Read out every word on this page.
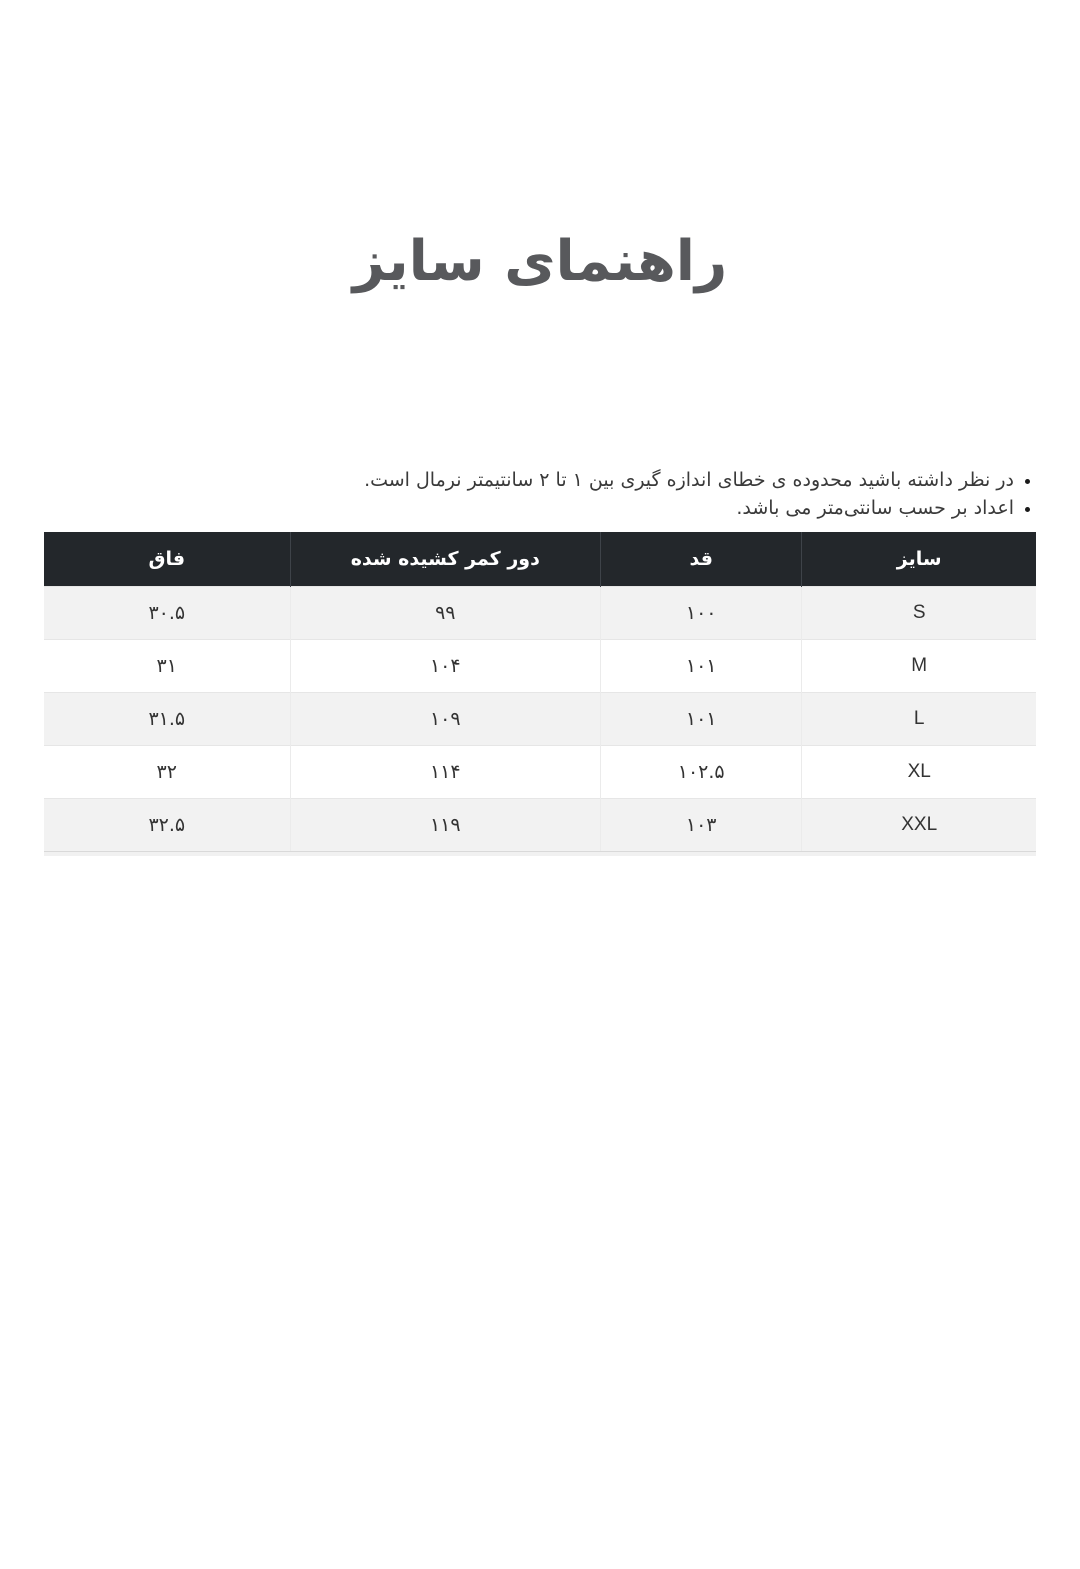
راهنمای سایز
• در نظر داشته باشید محدوده ی خطای اندازه گیری بین ۱ تا ۲ سانتیمتر نرمال است.
• اعداد بر حسب سانتی‌متر می باشد.
سایز	قد	دور کمر کشیده شده	فاق
S	۱۰۰	۹۹	۳۰.۵
M	۱۰۱	۱۰۴	۳۱
L	۱۰۱	۱۰۹	۳۱.۵
XL	۱۰۲.۵	۱۱۴	۳۲
XXL	۱۰۳	۱۱۹	۳۲.۵
